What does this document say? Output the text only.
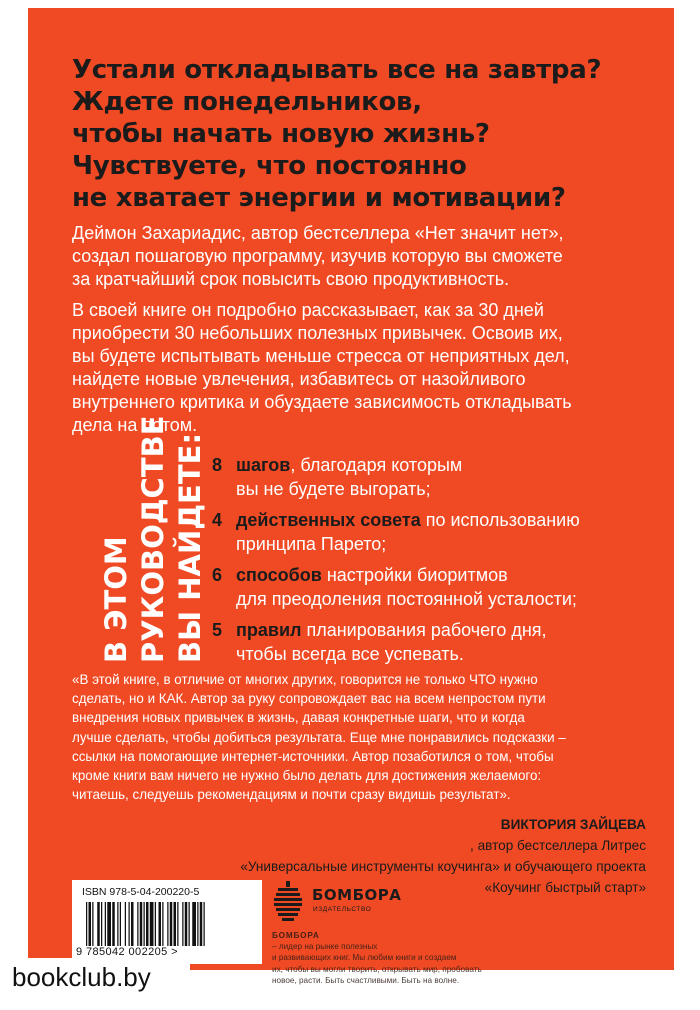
Устали откладывать все на завтра?
Ждете понедельников,
чтобы начать новую жизнь?
Чувствуете, что постоянно
не хватает энергии и мотивации?

Деймон Захариадис, автор бестселлера «Нет значит нет»,
создал пошаговую программу, изучив которую вы сможете
за кратчайший срок повысить свою продуктивность.

В своей книге он подробно рассказывает, как за 30 дней
приобрести 30 небольших полезных привычек. Освоив их,
вы будете испытывать меньше стресса от неприятных дел,
найдете новые увлечения, избавитесь от назойливого
внутреннего критика и обуздаете зависимость откладывать
дела на потом.

В ЭТОМ РУКОВОДСТВЕ ВЫ НАЙДЕТЕ: 8 шагов, благодаря которым
вы не будете выгорать;
4 действенных совета по использованию
принципа Парето;
6 способов настройки биоритмов
для преодоления постоянной усталости;
5 правил планирования рабочего дня,
чтобы всегда все успевать.

«В этой книге, в отличие от многих других, говорится не только ЧТО нужно
сделать, но и КАК. Автор за руку сопровождает вас на всем непростом пути
внедрения новых привычек в жизнь, давая конкретные шаги, что и когда
лучше сделать, чтобы добиться результата. Еще мне понравились подсказки –
ссылки на помогающие интернет-источники. Автор позаботился о том, чтобы
кроме книги вам ничего не нужно было делать для достижения желаемого:
читаешь, следуешь рекомендациям и почти сразу видишь результат».

ВИКТОРИЯ ЗАЙЦЕВА
, автор бестселлера Литрес
«Универсальные инструменты коучинга» и обучающего проекта
«Коучинг быстрый старт»

ISBN 978-5-04-200220-5
9 785042 002205 >
БОМБОРА
ИЗДАТЕЛЬСТВО

БОМБОРА
– лидер на рынке полезных
и развивающих книг. Мы любим книги и создаем
их, чтобы вы могли творить, открывать мир, пробовать
новое, расти. Быть счастливыми. Быть на волне.

bookclub.by
